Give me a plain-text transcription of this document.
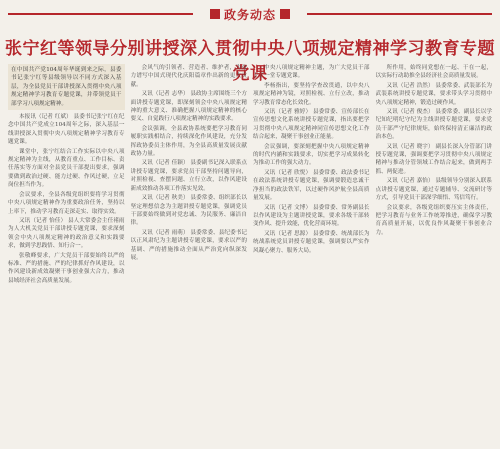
政务动态
张宁红等领导分别讲授深入贯彻中央八项规定精神学习教育专题党课

在中国共产党104周年华诞到来之际，县委书记张宁红等县级领导以不同方式深入基层，为全县党员干部讲授深入贯彻中央八项规定精神学习教育专题党课，并带领党员干部学习八项规定精神。

本报讯（记者 红斌） 县委书记张宁红在纪念中国共产党成立104周年之际，深入基层一线讲授深入贯彻中央八项规定精神学习教育专题党课。

课堂中，张宁红结合工作实际以中央八项规定精神为主线，从教育重点、工作目标、责任落实等方面对全县党员干部提出要求，强调要做到政治过硬、能力过硬、作风过硬，立足岗位担当作为。

会议要求，全县各级党组织要将学习贯彻中央八项规定精神作为重要政治任务，坚持以上率下，推动学习教育走深走实、取得实效。

又讯（记者 怡佳） 县人大常委会主任褚雨为人大机关党员干部讲授专题党课，要求深刻领会中央八项规定精神的政治意义和实践要求，做到学思践悟、知行合一。

张敬峰要求，广大党员干部要始终以严的标准、严的措施、严的纪律抓好作风建设，以作风建设新成效凝聚干事创业强大合力，推动县域经济社会高质量发展。

会风气的引领者、营造者、维护者，为奋力谱写中国式现代化庆阳篇章作出新的更大贡献。

又讯（记者 志华） 县政协主席围绕三个方面讲授专题党课，即深刻领会中央八项规定精神的重大意义、准确把握八项规定精神的核心要义、自觉践行八项规定精神的实践要求。

会议强调，全县政协系统要把学习教育同履职实践相结合，持续深化作风建设，充分发挥政协委员主体作用，为全县高质量发展贡献政协力量。

又讯（记者 佳颖） 县委副书记深入联系点讲授专题党课，要求党员干部坚持问题导向，对照检视、查摆问题、立行立改，以作风建设新成效推动各项工作落实见效。

又讯（记者 秋美） 县委常委、组织部长以坚定理想信念为主题讲授专题党课，强调党员干部要始终做到对党忠诚、为民服务、廉洁自律。

又讯（记者 雨萌） 县委常委、县纪委书记以正风肃纪为主题讲授专题党课，要求以严的基调、严的措施推动全面从严治党向纵深发展。

中央八项规定精神主题，为广大党员干部上了一堂专题党课。

李杨指出，要坚持学查改贯通，以中央八项规定精神为镜，对照检视、立行立改，推动学习教育常态化长效化。

又讯（记者 雅婷） 县委常委、宣传部长在宣传思想文化系统讲授专题党课，指出要把学习贯彻中央八项规定精神同宣传思想文化工作结合起来，凝聚干事创业正能量。

会议强调，要深刻把握中央八项规定精神的时代内涵和实践要求，切实把学习成果转化为推动工作的强大动力。

又讯（记者 欣悦） 县委常委、政法委书记在政法系统讲授专题党课，强调要锻造忠诚干净担当的政法铁军，以过硬作风护航全县高质量发展。

又讯（记者 文博） 县委常委、常务副县长以作风建设为主题讲授党课，要求各级干部转变作风、提升效能，优化营商环境。

又讯（记者 思源） 县委常委、统战部长为统战系统党员讲授专题党课，强调要以严实作风凝心聚力、服务大局。

所作用，始终同党想在一起、干在一起，以实际行动助推全县经济社会高质量发展。

又讯（记者 浩然） 县委常委、武装部长为武装系统讲授专题党课，要求带头学习贯彻中央八项规定精神，锻造过硬作风。

又讯（记者 俊杰） 县委常委、副县长以学纪知纪明纪守纪为主线讲授专题党课，要求党员干部严守纪律规矩，始终保持清正廉洁的政治本色。

又讯（记者 晓宇） 副县长深入分管部门讲授专题党课，强调要把学习贯彻中央八项规定精神与推动分管领域工作结合起来，做到两手抓、两促进。

又讯（记者 嘉怡） 县级领导分别深入联系点讲授专题党课，通过专题辅导、交流研讨等方式，引导党员干部深学细悟、笃信笃行。

会议要求，各级党组织要压实主体责任，把学习教育与业务工作统筹推进，确保学习教育高质量开展，以优良作风凝聚干事创业合力。
